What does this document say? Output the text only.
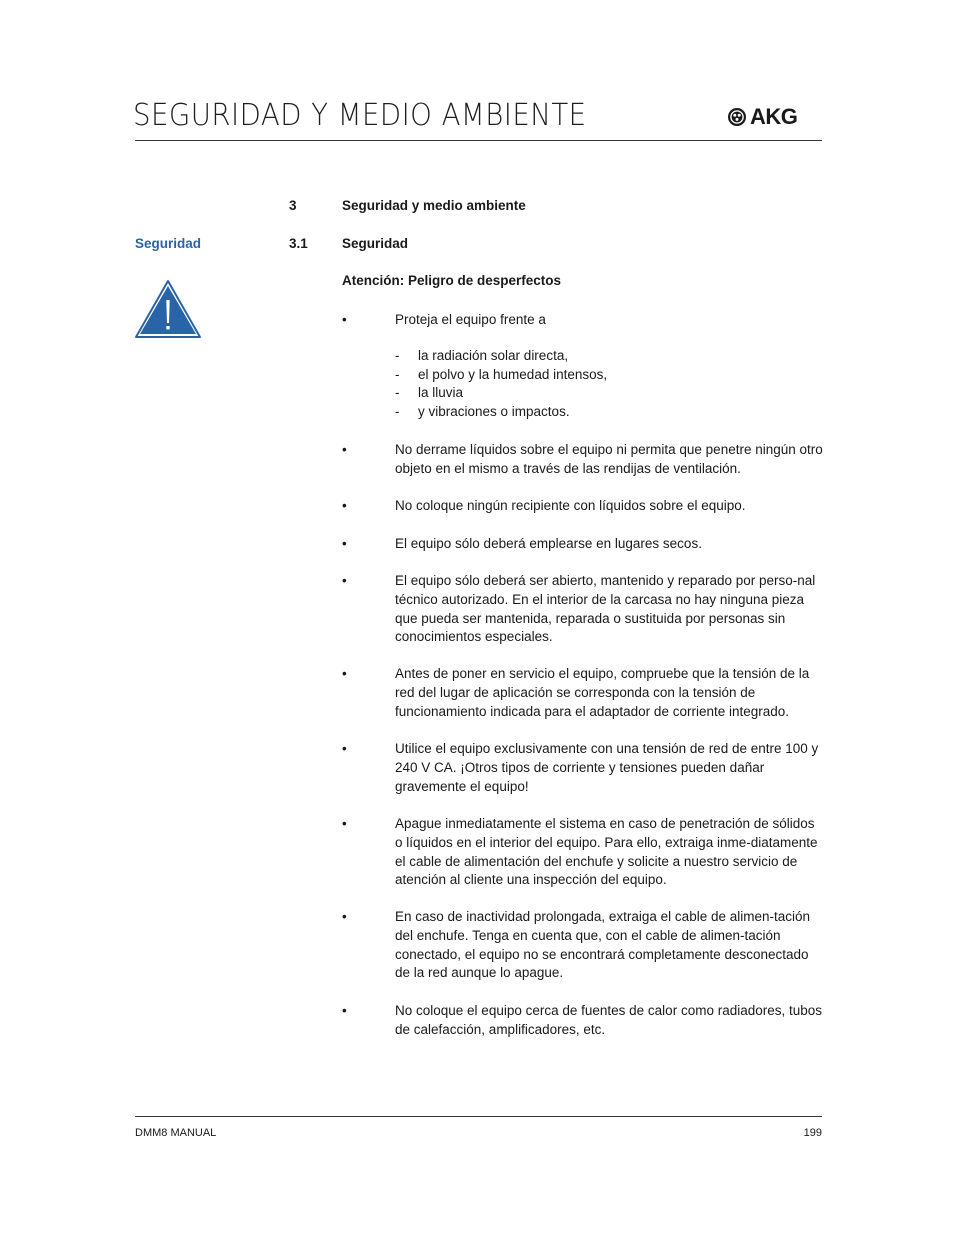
SEGURIDAD Y MEDIO AMBIENTE	AKG
3	Seguridad y medio ambiente
Seguridad	3.1	Seguridad
Atención: Peligro de desperfectos
•	Proteja el equipo frente a
- la radiación solar directa,
- el polvo y la humedad intensos,
- la lluvia
- y vibraciones o impactos.
•	No derrame líquidos sobre el equipo ni permita que penetre ningún otro objeto en el mismo a través de las rendijas de ventilación.
•	No coloque ningún recipiente con líquidos sobre el equipo.
•	El equipo sólo deberá emplearse en lugares secos.
•	El equipo sólo deberá ser abierto, mantenido y reparado por perso-nal técnico autorizado. En el interior de la carcasa no hay ninguna pieza que pueda ser mantenida, reparada o sustituida por personas sin conocimientos especiales.
•	Antes de poner en servicio el equipo, compruebe que la tensión de la red del lugar de aplicación se corresponda con la tensión de funcionamiento indicada para el adaptador de corriente integrado.
•	Utilice el equipo exclusivamente con una tensión de red de entre 100 y 240 V CA. ¡Otros tipos de corriente y tensiones pueden dañar gravemente el equipo!
•	Apague inmediatamente el sistema en caso de penetración de sólidos o líquidos en el interior del equipo. Para ello, extraiga inme-diatamente el cable de alimentación del enchufe y solicite a nuestro servicio de atención al cliente una inspección del equipo.
•	En caso de inactividad prolongada, extraiga el cable de alimen-tación del enchufe. Tenga en cuenta que, con el cable de alimen-tación conectado, el equipo no se encontrará completamente desconectado de la red aunque lo apague.
•	No coloque el equipo cerca de fuentes de calor como radiadores, tubos de calefacción, amplificadores, etc.
DMM8 MANUAL	199
